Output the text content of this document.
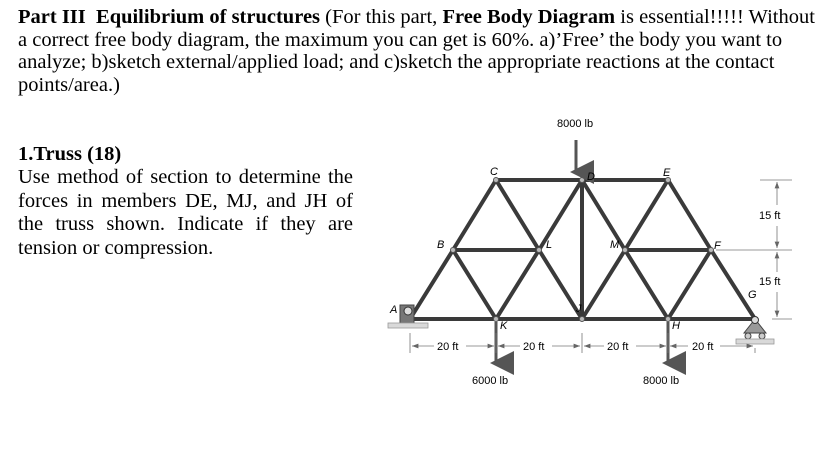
Part III Equilibrium of structures (For this part, Free Body Diagram is essential!!!!! Without a correct free body diagram, the maximum you can get is 60%. a)’Free’ the body you want to analyze; b)sketch external/applied load; and c)sketch the appropriate reactions at the contact points/area.)
1.Truss (18)
Use method of section to determine the forces in members DE, MJ, and JH of the truss shown. Indicate if they are tension or compression.
A
B
C	D	E
F
G
H
J
K
L	M
8000 lb
6000 lb	8000 lb
20 ft	20 ft	20 ft	20 ft
15 ft
15 ft
